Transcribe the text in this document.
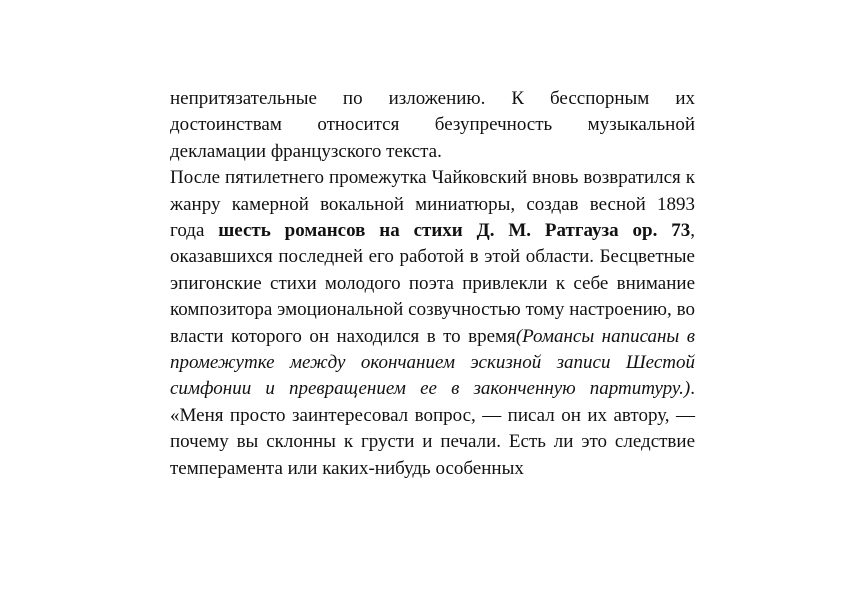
непритязательные по изложению. К бесспорным их достоинствам относится безупречность музыкальной декламации французского текста.

После пятилетнего промежутка Чайковский вновь возвратился к жанру камерной вокальной миниатюры, создав весной 1893 года шесть романсов на стихи Д. М. Ратгауза ор. 73, оказавшихся последней его работой в этой области. Бесцветные эпигонские стихи молодого поэта привлекли к себе внимание композитора эмоциональной созвучностью тому настроению, во власти которого он находился в то время(Романсы написаны в промежутке между окончанием эскизной записи Шестой симфонии и превращением ее в законченную партитуру.). «Меня просто заинтересовал вопрос, — писал он их автору, — почему вы склонны к грусти и печали. Есть ли это следствие темперамента или каких-нибудь особенных
